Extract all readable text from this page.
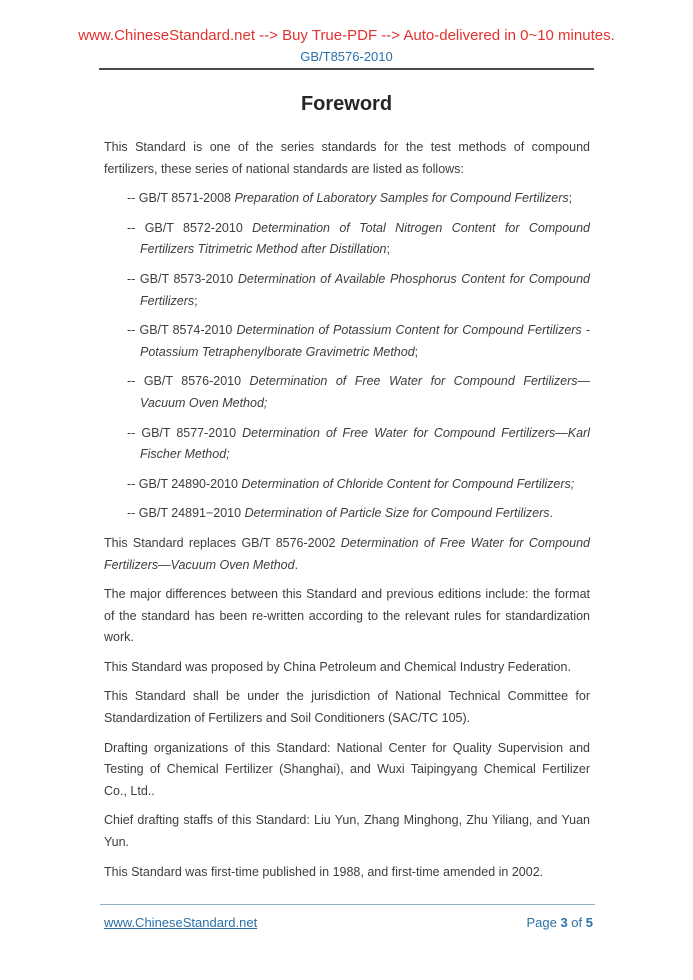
www.ChineseStandard.net --> Buy True-PDF --> Auto-delivered in 0~10 minutes.
GB/T8576-2010
Foreword
This Standard is one of the series standards for the test methods of compound fertilizers, these series of national standards are listed as follows:
-- GB/T 8571-2008 Preparation of Laboratory Samples for Compound Fertilizers;
-- GB/T 8572-2010 Determination of Total Nitrogen Content for Compound Fertilizers Titrimetric Method after Distillation;
-- GB/T 8573-2010 Determination of Available Phosphorus Content for Compound Fertilizers;
-- GB/T 8574-2010 Determination of Potassium Content for Compound Fertilizers - Potassium Tetraphenylborate Gravimetric Method;
-- GB/T 8576-2010 Determination of Free Water for Compound Fertilizers—Vacuum Oven Method;
-- GB/T 8577-2010 Determination of Free Water for Compound Fertilizers—Karl Fischer Method;
-- GB/T 24890-2010 Determination of Chloride Content for Compound Fertilizers;
-- GB/T 24891−2010 Determination of Particle Size for Compound Fertilizers.
This Standard replaces GB/T 8576-2002 Determination of Free Water for Compound Fertilizers—Vacuum Oven Method.
The major differences between this Standard and previous editions include: the format of the standard has been re-written according to the relevant rules for standardization work.
This Standard was proposed by China Petroleum and Chemical Industry Federation.
This Standard shall be under the jurisdiction of National Technical Committee for Standardization of Fertilizers and Soil Conditioners (SAC/TC 105).
Drafting organizations of this Standard: National Center for Quality Supervision and Testing of Chemical Fertilizer (Shanghai), and Wuxi Taipingyang Chemical Fertilizer Co., Ltd..
Chief drafting staffs of this Standard: Liu Yun, Zhang Minghong, Zhu Yiliang, and Yuan Yun.
This Standard was first-time published in 1988, and first-time amended in 2002.
www.ChineseStandard.net	Page 3 of 5
